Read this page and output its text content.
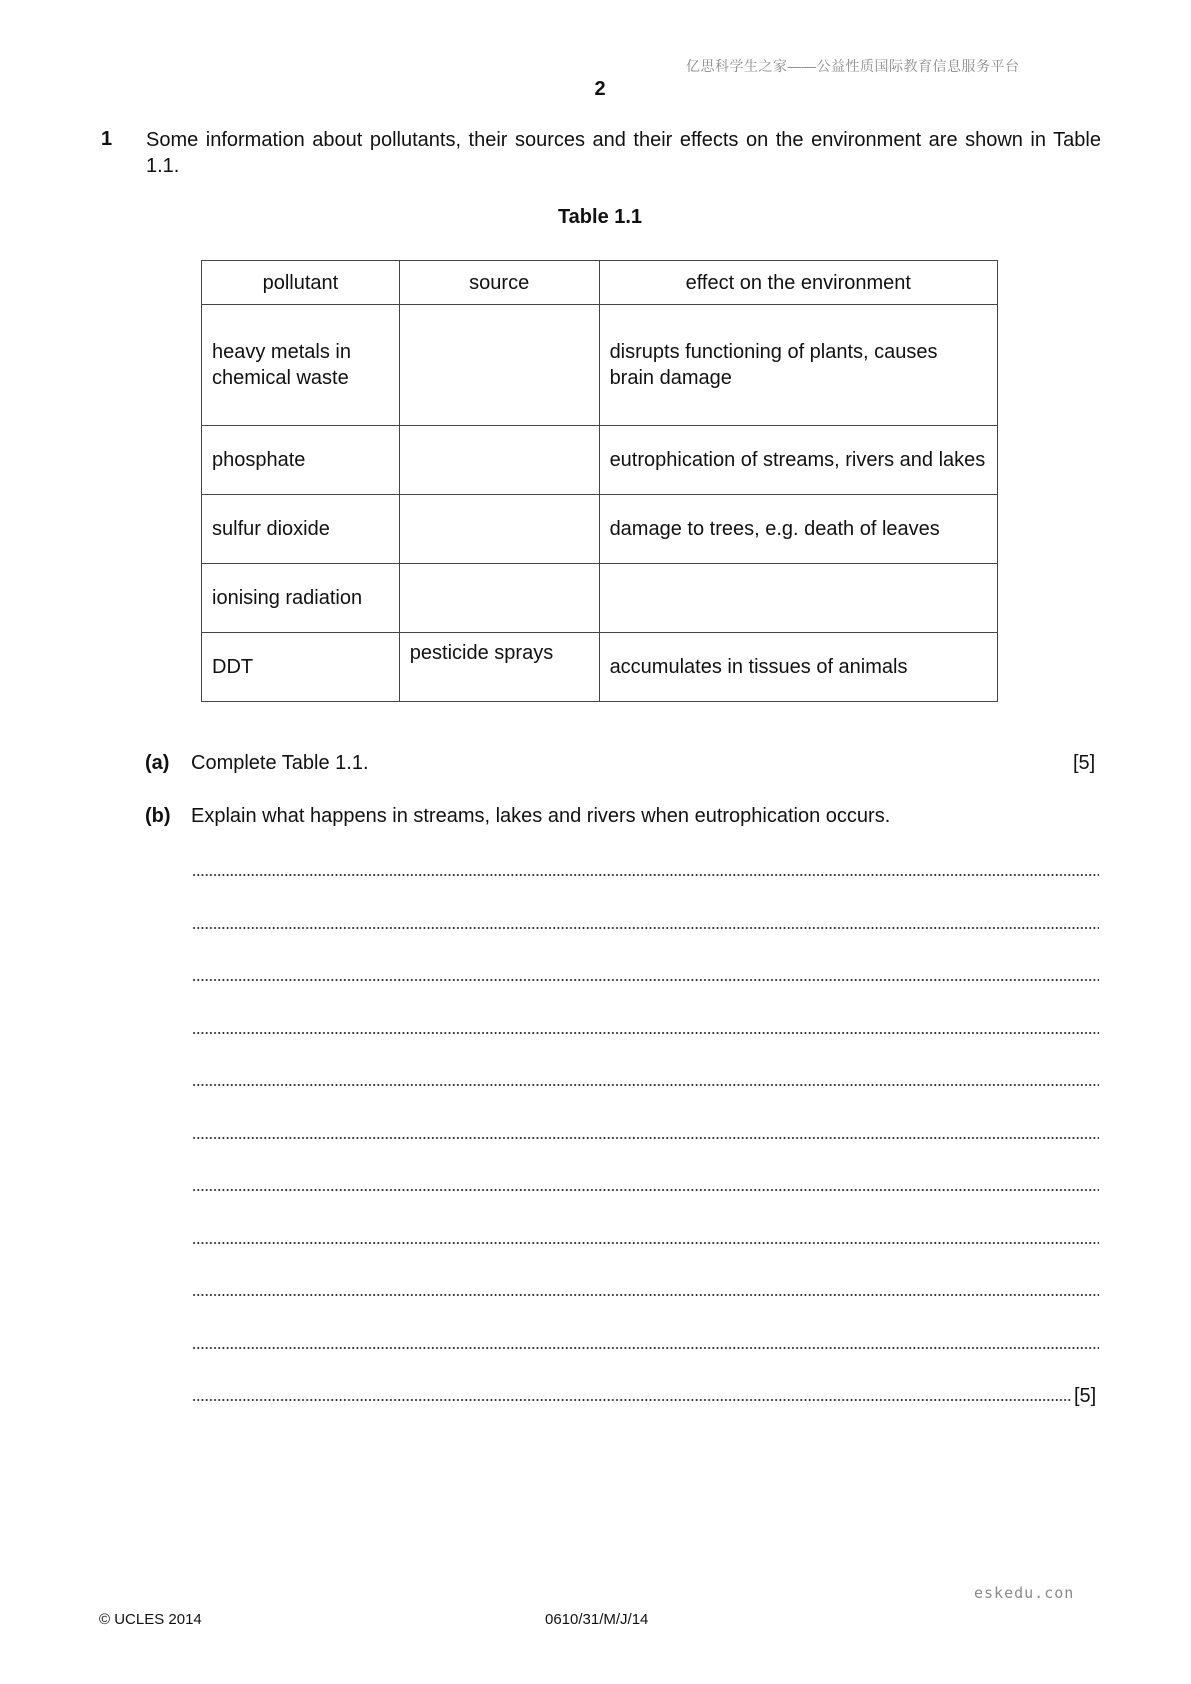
亿思科学生之家——公益性质国际教育信息服务平台
2
1 Some information about pollutants, their sources and their effects on the environment are shown in Table 1.1.
Table 1.1
pollutant	source	effect on the environment
heavy metals in chemical waste		disrupts functioning of plants, causes brain damage
phosphate		eutrophication of streams, rivers and lakes
sulfur dioxide		damage to trees, e.g. death of leaves
ionising radiation		
DDT	pesticide sprays	accumulates in tissues of animals
(a) Complete Table 1.1.	[5]
(b) Explain what happens in streams, lakes and rivers when eutrophication occurs.
[5]
eskedu.con
© UCLES 2014	0610/31/M/J/14
